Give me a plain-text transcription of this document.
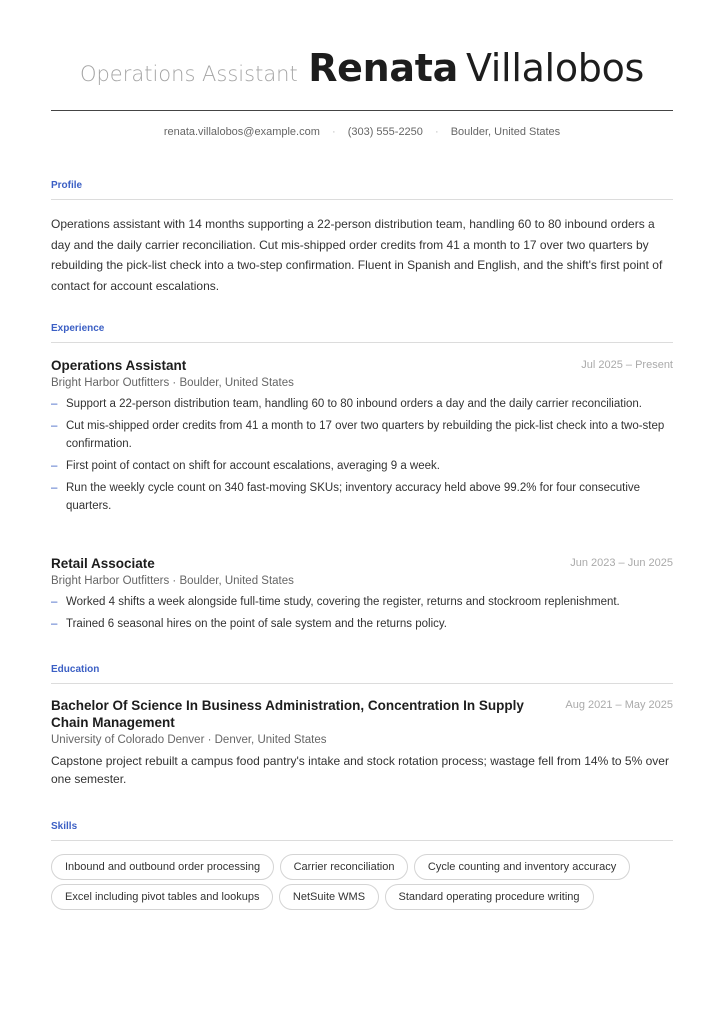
Operations Assistant Renata Villalobos
renata.villalobos@example.com · (303) 555-2250 · Boulder, United States
Profile
Operations assistant with 14 months supporting a 22-person distribution team, handling 60 to 80 inbound orders a day and the daily carrier reconciliation. Cut mis-shipped order credits from 41 a month to 17 over two quarters by rebuilding the pick-list check into a two-step confirmation. Fluent in Spanish and English, and the shift's first point of contact for account escalations.
Experience
Operations Assistant	Jul 2025 – Present
Bright Harbor Outfitters · Boulder, United States
– Support a 22-person distribution team, handling 60 to 80 inbound orders a day and the daily carrier reconciliation.
– Cut mis-shipped order credits from 41 a month to 17 over two quarters by rebuilding the pick-list check into a two-step confirmation.
– First point of contact on shift for account escalations, averaging 9 a week.
– Run the weekly cycle count on 340 fast-moving SKUs; inventory accuracy held above 99.2% for four consecutive quarters.
Retail Associate	Jun 2023 – Jun 2025
Bright Harbor Outfitters · Boulder, United States
– Worked 4 shifts a week alongside full-time study, covering the register, returns and stockroom replenishment.
– Trained 6 seasonal hires on the point of sale system and the returns policy.
Education
Bachelor Of Science In Business Administration, Concentration In Supply Chain Management
Aug 2021 – May 2025
University of Colorado Denver · Denver, United States
Capstone project rebuilt a campus food pantry's intake and stock rotation process; wastage fell from 14% to 5% over one semester.
Skills
Inbound and outbound order processing	Carrier reconciliation	Cycle counting and inventory accuracy Excel including pivot tables and lookups	NetSuite WMS	Standard operating procedure writing
